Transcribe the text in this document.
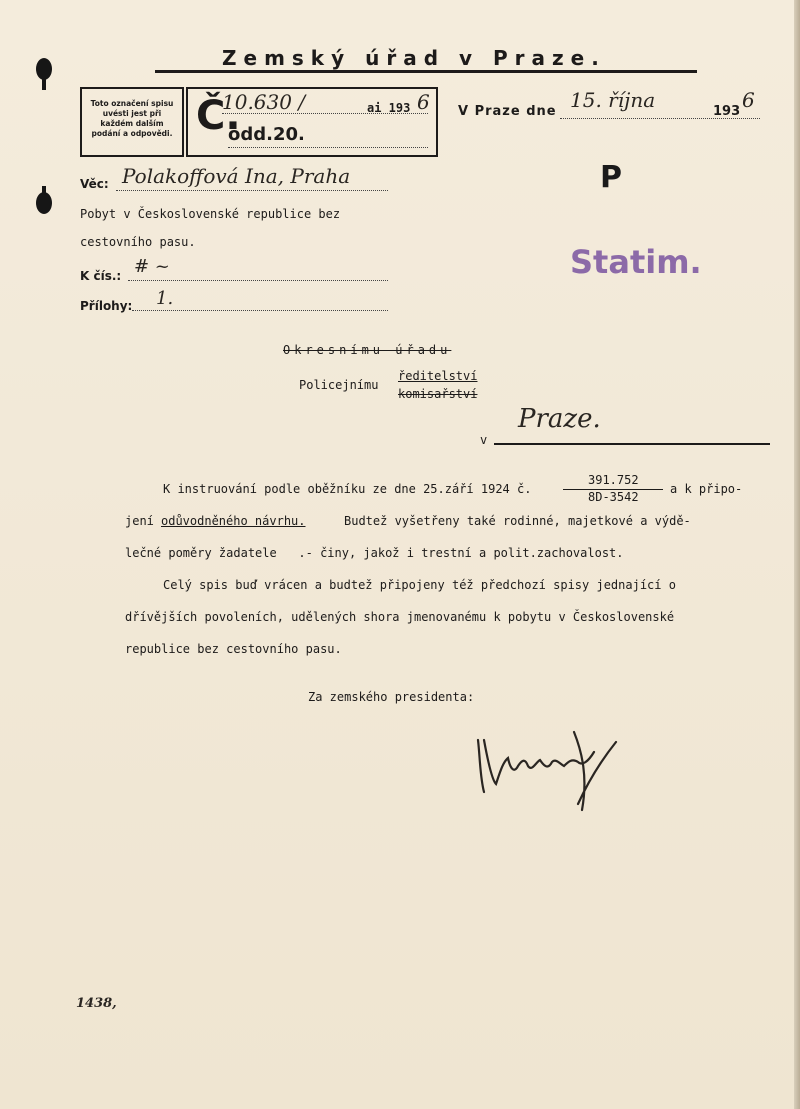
Zemský úřad v Praze.
Toto označení spisu uvésti jest při každém dalším podání a odpovědi. Č.
10.630 /	ai 193 6
odd.20.
V Praze dne 15. října	193 6
Věc: Polakoffová Ina, Praha
Pobyt v Československé republice bez
cestovního pasu.
K čís.: # ~
Přílohy: 1.
P
Statim.
Okresnímu úřadu
Policejnímu
ředitelství
komisařství
v
Praze.
K instruování podle oběžníku ze dne 25.září 1924 č.
391.752
8D-3542
a k připo-
jení odůvodněného návrhu.	Budtež vyšetřeny také rodinné, majetkové a výdě-
lečné poměry žadatele   .- činy, jakož i trestní a polit.zachovalost.
Celý spis buď vrácen a budtež připojeny též předchozí spisy jednající o
dřívějších povoleních, udělených shora jmenovanému k pobytu v Československé
republice bez cestovního pasu.
Za zemského presidenta:
1438,
